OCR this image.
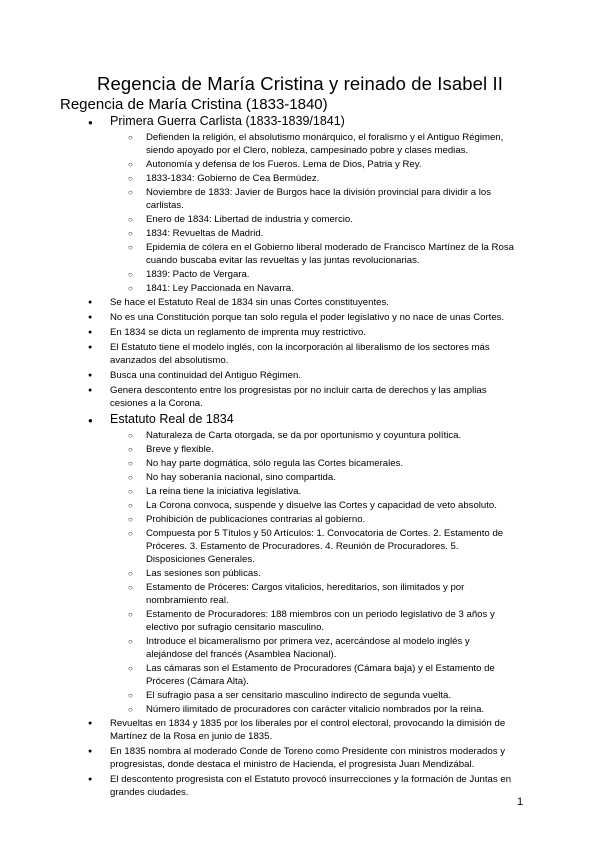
Regencia de María Cristina y reinado de Isabel II
Regencia de María Cristina (1833-1840)
● Primera Guerra Carlista (1833-1839/1841)
○ Defienden la religión, el absolutismo monárquico, el foralismo y el Antiguo Régimen, siendo apoyado por el Clero, nobleza, campesinado pobre y clases medias.
○ Autonomía y defensa de los Fueros. Lema de Dios, Patria y Rey.
○ 1833-1834: Gobierno de Cea Bermúdez.
○ Noviembre de 1833: Javier de Burgos hace la división provincial para dividir a los carlistas.
○ Enero de 1834: Libertad de industria y comercio.
○ 1834: Revueltas de Madrid.
○ Epidemia de cólera en el Gobierno liberal moderado de Francisco Martínez de la Rosa cuando buscaba evitar las revueltas y las juntas revolucionarias.
○ 1839: Pacto de Vergara.
○ 1841: Ley Paccionada en Navarra.
● Se hace el Estatuto Real de 1834 sin unas Cortes constituyentes.
● No es una Constitución porque tan solo regula el poder legislativo y no nace de unas Cortes.
● En 1834 se dicta un reglamento de imprenta muy restrictivo.
● El Estatuto tiene el modelo inglés, con la incorporación al liberalismo de los sectores más avanzados del absolutismo.
● Busca una continuidad del Antiguo Régimen.
● Genera descontento entre los progresistas por no incluir carta de derechos y las amplias cesiones a la Corona.
● Estatuto Real de 1834
○ Naturaleza de Carta otorgada, se da por oportunismo y coyuntura política.
○ Breve y flexible.
○ No hay parte dogmática, sólo regula las Cortes bicamerales.
○ No hay soberanía nacional, sino compartida.
○ La reina tiene la iniciativa legislativa.
○ La Corona convoca, suspende y disuelve las Cortes y capacidad de veto absoluto.
○ Prohibición de publicaciones contrarias al gobierno.
○ Compuesta por 5 Títulos y 50 Artículos: 1. Convocatoria de Cortes. 2. Estamento de Próceres. 3. Estamento de Procuradores. 4. Reunión de Procuradores. 5. Disposiciones Generales.
○ Las sesiones son públicas.
○ Estamento de Próceres: Cargos vitalicios, hereditarios, son ilimitados y por nombramiento real.
○ Estamento de Procuradores: 188 miembros con un periodo legislativo de 3 años y electivo por sufragio censitario masculino.
○ Introduce el bicameralismo por primera vez, acercándose al modelo inglés y alejándose del francés (Asamblea Nacional).
○ Las cámaras son el Estamento de Procuradores (Cámara baja) y el Estamento de Próceres (Cámara Alta).
○ El sufragio pasa a ser censitario masculino indirecto de segunda vuelta.
○ Número ilimitado de procuradores con carácter vitalicio nombrados por la reina.
● Revueltas en 1834 y 1835 por los liberales por el control electoral, provocando la dimisión de Martínez de la Rosa en junio de 1835.
● En 1835 nombra al moderado Conde de Toreno como Presidente con ministros moderados y progresistas, donde destaca el ministro de Hacienda, el progresista Juan Mendizábal.
● El descontento progresista con el Estatuto provocó insurrecciones y la formación de Juntas en grandes ciudades.
1
